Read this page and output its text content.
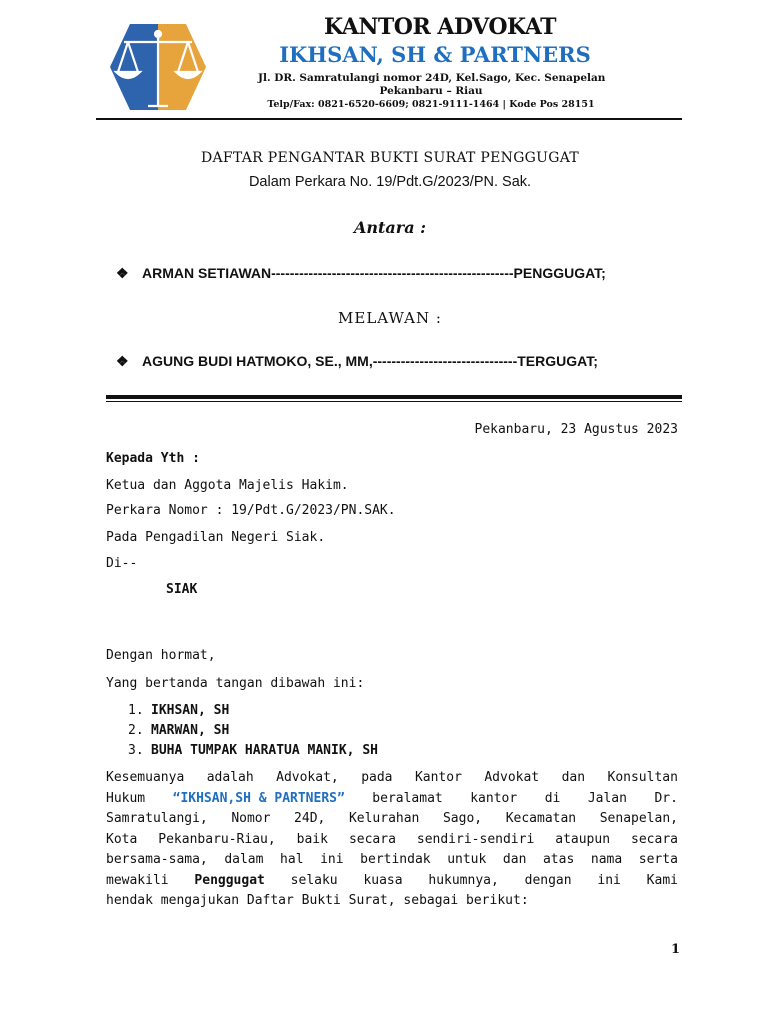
KANTOR ADVOKAT
IKHSAN, SH & PARTNERS
Jl. DR. Samratulangi nomor 24D, Kel.Sago, Kec. Senapelan
Pekanbaru – Riau
Telp/Fax: 0821-6520-6609; 0821-9111-1464 | Kode Pos 28151
DAFTAR PENGANTAR BUKTI SURAT PENGGUGAT
Dalam Perkara No. 19/Pdt.G/2023/PN. Sak.
Antara :
❖ ARMAN SETIAWAN----------------------------------------------------PENGGUGAT;
MELAWAN :
❖ AGUNG BUDI HATMOKO, SE., MM,-------------------------------TERGUGAT;
Pekanbaru, 23 Agustus 2023
Kepada Yth :
Ketua dan Aggota Majelis Hakim.
Perkara Nomor : 19/Pdt.G/2023/PN.SAK.
Pada Pengadilan Negeri Siak.
Di--
SIAK
Dengan hormat,
Yang bertanda tangan dibawah ini:
1. IKHSAN, SH
2. MARWAN, SH
3. BUHA TUMPAK HARATUA MANIK, SH
Kesemuanya adalah Advokat, pada Kantor Advokat dan Konsultan
Hukum “IKHSAN,SH & PARTNERS” beralamat kantor di Jalan Dr.
Samratulangi, Nomor 24D, Kelurahan Sago, Kecamatan Senapelan,
Kota Pekanbaru-Riau, baik secara sendiri-sendiri ataupun secara
bersama-sama, dalam hal ini bertindak untuk dan atas nama serta
mewakili Penggugat selaku kuasa hukumnya, dengan ini Kami
hendak mengajukan Daftar Bukti Surat, sebagai berikut:
1
